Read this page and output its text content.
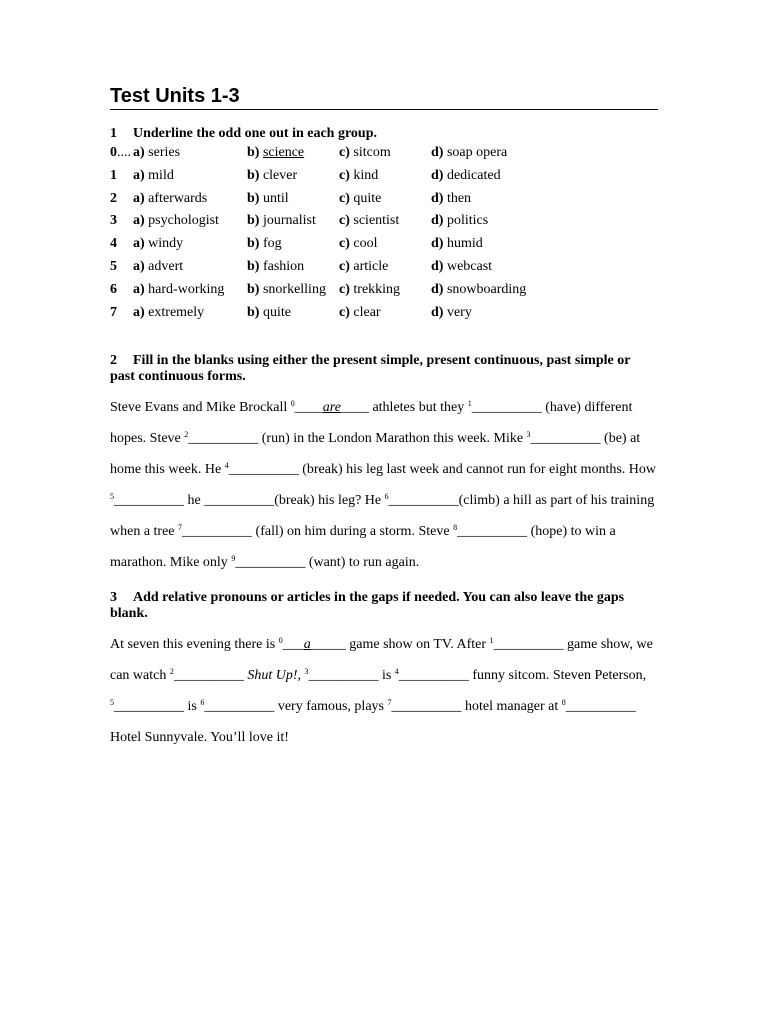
Test Units 1-3
1 Underline the odd one out in each group.
0.... a) series	b) science	c) sitcom	d) soap opera
1	a) mild	b) clever	c) kind	d) dedicated
2	a) afterwards	b) until	c) quite	d) then
3	a) psychologist	b) journalist	c) scientist	d) politics
4	a) windy	b) fog	c) cool	d) humid
5	a) advert	b) fashion	c) article	d) webcast
6	a) hard-working	b) snorkelling c) trekking	d) snowboarding
7	a) extremely	b) quite	c) clear	d) very
2 Fill in the blanks using either the present simple, present continuous, past simple or past continuous forms.
Steve Evans and Mike Brockall $^0$____are____ athletes but they $^1$__________ (have) different hopes. Steve $^2$__________ (run) in the London Marathon this week. Mike $^3$__________ (be) at home this week. He $^4$__________ (break) his leg last week and cannot run for eight months. How $^5$__________ he __________(break) his leg? He $^6$__________(climb) a hill as part of his training when a tree $^7$__________ (fall) on him during a storm. Steve $^8$__________ (hope) to win a marathon. Mike only $^9$__________ (want) to run again.
3 Add relative pronouns or articles in the gaps if needed. You can also leave the gaps blank.
At seven this evening there is $^0$___a_____ game show on TV. After $^1$__________ game show, we can watch $^2$__________ Shut Up!, $^3$__________ is $^4$__________ funny sitcom. Steven Peterson, $^5$__________ is $^6$__________ very famous, plays $^7$__________ hotel manager at $^8$__________ Hotel Sunnyvale. You’ll love it!
